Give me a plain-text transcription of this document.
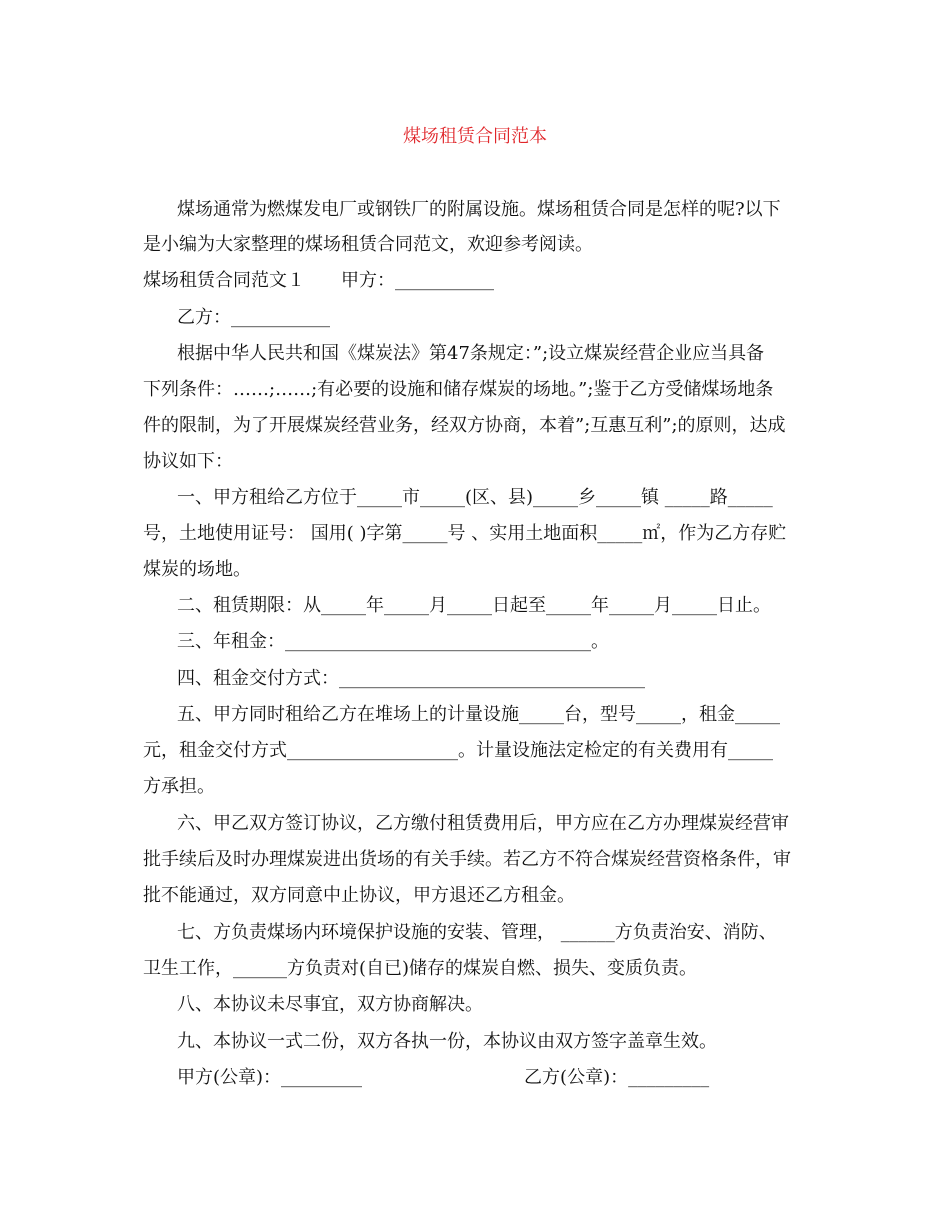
煤场租赁合同范本
煤场通常为燃煤发电厂或钢铁厂的附属设施。煤场租赁合同是怎样的呢?以下
是小编为大家整理的煤场租赁合同范文，欢迎参考阅读。
煤场租赁合同范文１　　甲方：___________
乙方：___________
根据中华人民共和国《煤炭法》第47条规定：”;设立煤炭经营企业应当具备
下列条件：……;……;有必要的设施和储存煤炭的场地。”;鉴于乙方受储煤场地条
件的限制，为了开展煤炭经营业务，经双方协商，本着”;互惠互利”;的原则，达成
协议如下：
一、甲方租给乙方位于_____市_____(区、县)_____乡_____镇 _____路_____
号，土地使用证号： 国用( )字第_____号 、实用土地面积_____㎡，作为乙方存贮
煤炭的场地。
二、租赁期限：从_____年_____月_____日起至_____年_____月_____日止。
三、年租金：__________________________________。
四、租金交付方式：__________________________________
五、甲方同时租给乙方在堆场上的计量设施_____台，型号_____，租金_____
元，租金交付方式___________________。计量设施法定检定的有关费用有_____
方承担。
六、甲乙双方签订协议，乙方缴付租赁费用后，甲方应在乙方办理煤炭经营审
批手续后及时办理煤炭进出货场的有关手续。若乙方不符合煤炭经营资格条件，审
批不能通过，双方同意中止协议，甲方退还乙方租金。
七、方负责煤场内环境保护设施的安装、管理， ______方负责治安、消防、
卫生工作，______方负责对(自已)储存的煤炭自燃、损失、变质负责。
八、本协议未尽事宜，双方协商解决。
九、本协议一式二份，双方各执一份，本协议由双方签字盖章生效。
甲方(公章)：_________　　　　　　　　　乙方(公章)：_________
